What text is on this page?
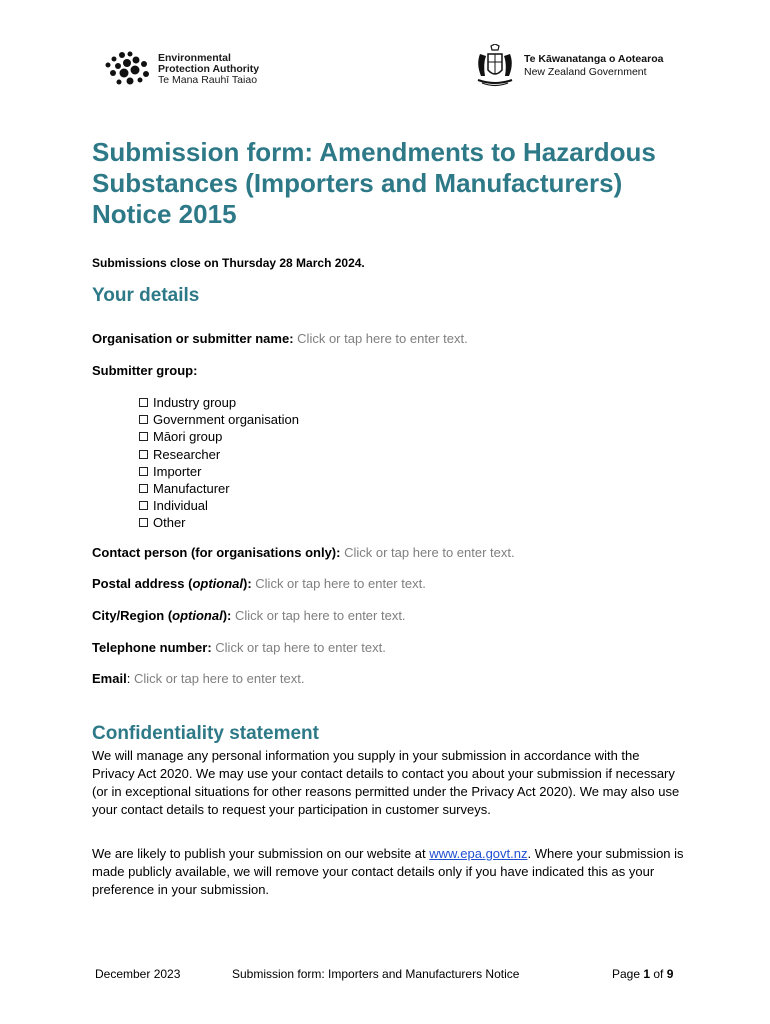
Environmental
Protection Authority
Te Mana Rauhī Taiao
Te Kāwanatanga o Aotearoa
New Zealand Government
Submission form: Amendments to Hazardous Substances (Importers and Manufacturers) Notice 2015
Submissions close on Thursday 28 March 2024.
Your details
Organisation or submitter name: Click or tap here to enter text.
Submitter group:
Industry group
Government organisation
Māori group
Researcher
Importer
Manufacturer
Individual
Other
Contact person (for organisations only): Click or tap here to enter text.
Postal address (optional): Click or tap here to enter text.
City/Region (optional): Click or tap here to enter text.
Telephone number: Click or tap here to enter text.
Email: Click or tap here to enter text.
Confidentiality statement

We will manage any personal information you supply in your submission in accordance with the Privacy Act 2020. We may use your contact details to contact you about your submission if necessary (or in exceptional situations for other reasons permitted under the Privacy Act 2020). We may also use your contact details to request your participation in customer surveys.

We are likely to publish your submission on our website at www.epa.govt.nz. Where your submission is made publicly available, we will remove your contact details only if you have indicated this as your preference in your submission.

December 2023	Submission form: Importers and Manufacturers Notice	Page 1 of 9
